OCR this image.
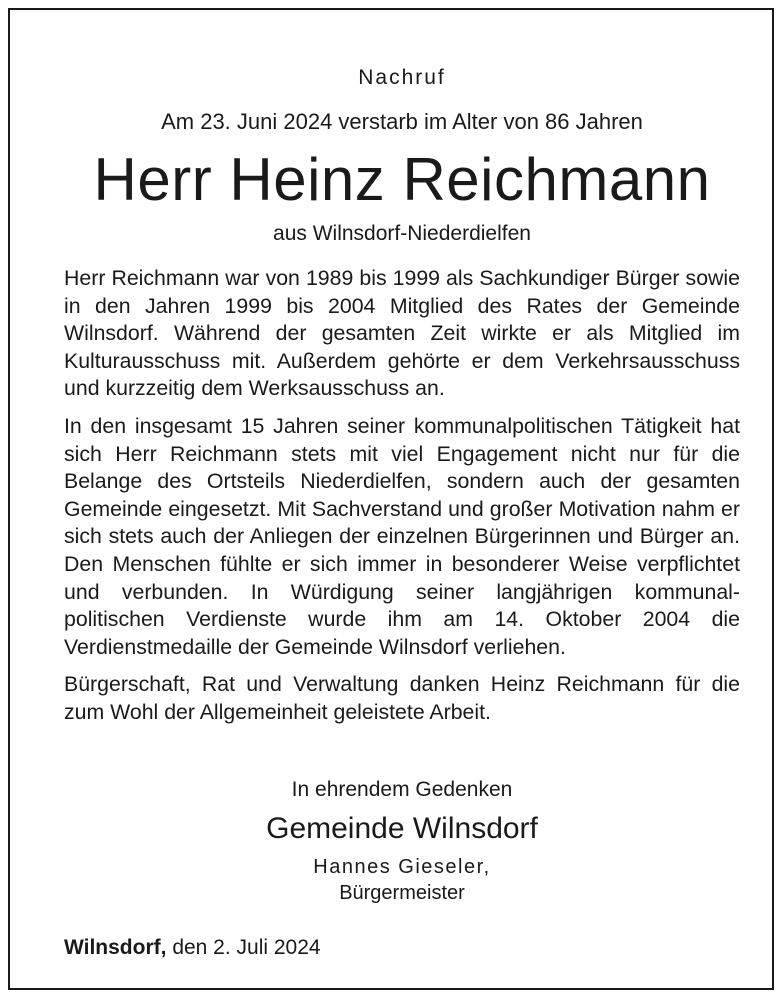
Nachruf
Am 23. Juni 2024 verstarb im Alter von 86 Jahren
Herr Heinz Reichmann
aus Wilnsdorf-Niederdielfen

Herr Reichmann war von 1989 bis 1999 als Sachkundiger Bürger sowie in den Jahren 1999 bis 2004 Mitglied des Rates der Gemeinde Wilnsdorf. Während der gesamten Zeit wirkte er als Mitglied im Kulturausschuss mit. Außerdem gehörte er dem Verkehrsausschuss und kurzzeitig dem Werksausschuss an.

In den insgesamt 15 Jahren seiner kommunalpolitischen Tätigkeit hat sich Herr Reichmann stets mit viel Engagement nicht nur für die Belange des Ortsteils Niederdielfen, sondern auch der gesamten Gemeinde eingesetzt. Mit Sachverstand und großer Motivation nahm er sich stets auch der Anliegen der einzelnen Bürgerinnen und Bürger an. Den Menschen fühlte er sich immer in besonderer Weise verpflichtet und verbunden. In Würdigung seiner langjährigen kommunal-politischen Verdienste wurde ihm am 14. Oktober 2004 die Verdienstmedaille der Gemeinde Wilnsdorf verliehen.

Bürgerschaft, Rat und Verwaltung danken Heinz Reichmann für die zum Wohl der Allgemeinheit geleistete Arbeit.

In ehrendem Gedenken
Gemeinde Wilnsdorf
Hannes Gieseler,
Bürgermeister
Wilnsdorf, den 2. Juli 2024
